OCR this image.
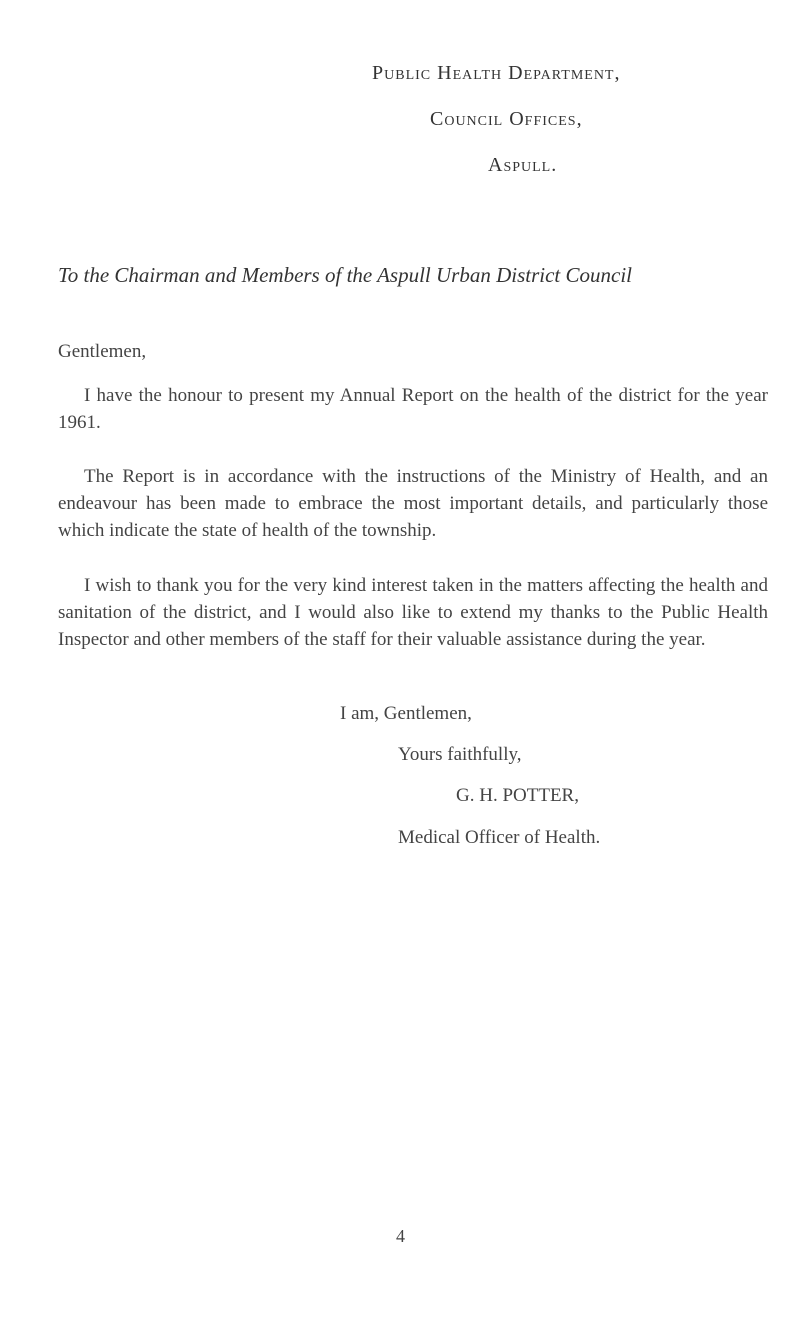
Public Health Department,
Council Offices,
Aspull.
To the Chairman and Members of the Aspull Urban District Council
Gentlemen,

I have the honour to present my Annual Report on the health of the district for the year 1961.

The Report is in accordance with the instructions of the Ministry of Health, and an endeavour has been made to embrace the most important details, and particularly those which indicate the state of health of the township.

I wish to thank you for the very kind interest taken in the matters affecting the health and sanitation of the district, and I would also like to extend my thanks to the Public Health Inspector and other members of the staff for their valuable assistance during the year.

I am, Gentlemen,
Yours faithfully,
G. H. POTTER,
Medical Officer of Health.
4
